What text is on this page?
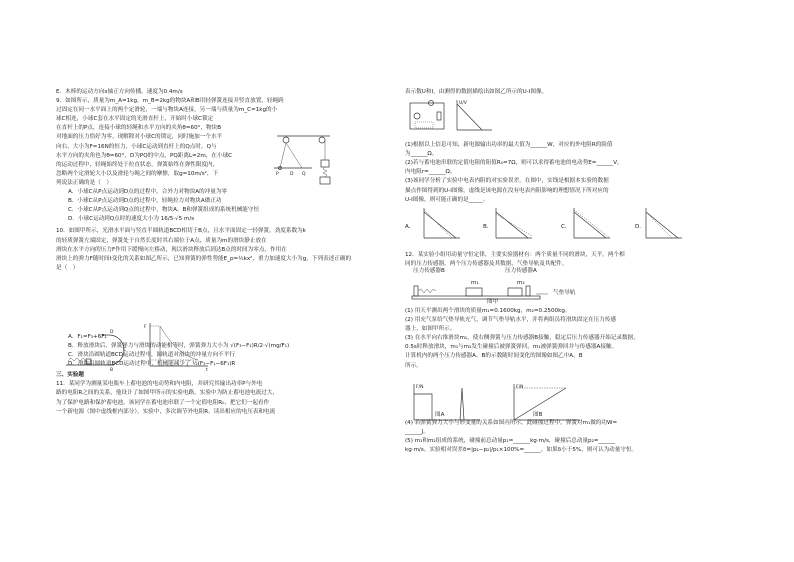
E．木棒的运动方向x轴正方向传播，速度为0.4m/s

9．如图所示，质量为m_A=1kg，m_B=2kg的物块A和B用轻弹簧连接并竖直放置，轻绳跨

过固定在同一水平面上的两个定滑轮，一端与物块A连接，另一端与质量为m_C=1kg的小

球C相连，小球C套在水平固定的光滑直杆上，开始时小球C锁定

在直杆上的P点，连接小球的轻绳和水平方向的夹角θ=60°，物块B

对地面的压力恰好为零。现解除对小球C的锁定，同时施加一个水平

向右、大小为F=16N的恒力，小球C运动到直杆上的Q点时，Q与

水平方向的夹角也为θ=60°，D为PQ的中点，PQ距离L=2m，在小球C

的运动过程中，轻绳始终处于拉直状态，弹簧始终在弹性限度内，

忽略两个定滑轮大小以及滑轮与绳之间的摩擦，取g=10m/s²，下

列说法正确的是（　）

A．小球C从P点运动到D点的过程中，合外力对物块A的冲量为零

B．小球C从P点运动到D点的过程中，轻绳拉力对物块A做正功

C．小球C从P点运动到Q点的过程中，物块A、B和弹簧组成的系统机械能守恒

D．小球C运动到Q点时的速度大小为 16/5·√5 m/s

10．如图甲所示，光滑水平面与竖直半圆轨道BCD相切于B点，且水平面固定一轻弹簧，劲度系数为k

的轻质弹簧左端固定，弹簧处于自然长度时其右端位于A点，质量为m的滑块静止放在

滑块在水平方向的压力F作用下缓慢向左移动，现以滑块释放后到达B点的时间为零点，作用在

滑块上的弹力F随时间t变化的关系如图乙所示，已知弹簧的弹性势能E_p=½kx²，重力加速度大小为g，下列表述正确的

是（　）

A．F₁=F₃+6F₁

B．释放滑块后，弹簧弹力与滑块的动能相等时，弹簧弹力大小为 √(F₃−F₁)R/2·√(mg/F₁)

C．滑块沿圆轨道BCD运动过程中，圆轨道对滑块的冲量方向不平行

D．滑块沿圆轨道BCD运动过程中，机械能减少了 ½(F₃−F₁−6F₁)R

三、实验题

11．某同学为测量某电瓶车上蓄电池的电动势和内电阻，并研究其输出功率P与外电

路的电阻R之间的关系，他设计了如图甲所示的实验电路，实验中为防止蓄电池电流过大，

为了保护电路和保护蓄电池，该同学在蓄电池串联了一个定值电阻R₀，把它们一起看作

一个新电源（图中虚线框内部分）。实验中，多次调节外电阻R，读出相应的电压表和电流

P	D Q
D
C
B
F
t

表示数U和I，由测得的数据描绘出如图乙所示的U-I图像。

(1)根据以上信息可知，新电源输出功率的最大值为______W，对应的外电阻R的阻值

为______Ω。

(2)若与蓄电池串联的定值电阻的阻值R₀=7Ω，则可以求得蓄电池的电动势E=______V，

内电阻r=______Ω。

(3)该同学分析了实验中电表内阻的对实验误差。在图中，实线是根据本实验的数据

描点作图得到的U-I图像，虚线是该电源在没有电表内阻影响的理想情况下所对应的

U-I图像，则可能正确的是_____。

A．	B．	C．	D．

12．某实验小组用动量守恒定律，主要实验器材有：两个质量不同的滑块，天平，两个相

同的压力传感器，两个压力传感器及其数据，气垫导轨及其配件。

压力传感器B	压力传感器A
m₁	m₂
气垫导轨
图甲

(1) 用天平测出两个滑块的质量m₁=0.1600kg，m₂=0.2500kg。

(2) 用充气泵给气垫导轨充气，调节气垫导轨水平，并将两组员将滑块固定在压力传感

器上，如图甲所示。

(3) 在水平向右推滑块m₁，使右侧弹簧与压力传感器B接触，稳定后压力传感器开始记录数据，

0.5s时释放滑块，m₁与m₂发生碰撞后被弹簧弹回，m₁被弹簧弹回并与传感器A接触。

计算机内的两个压力传感器A、B的示数随时间变化的图像如图乙中A、B

所示。

图A	图B

(4) 若弹簧弹力大小与形变量的关系如图丙所示，此碰撞过程中，弹簧对m₁做的功W=

______J。

(5) m₁和m₂组成的系统，碰撞前总动量p₁=______kg·m/s，碰撞后总动量p₂=______

kg·m/s。实验相对误差δ=|p₁−p₂|/p₁×100%=______，如果δ小于5%，则可认为动量守恒。

U/V
F/N	F/N
